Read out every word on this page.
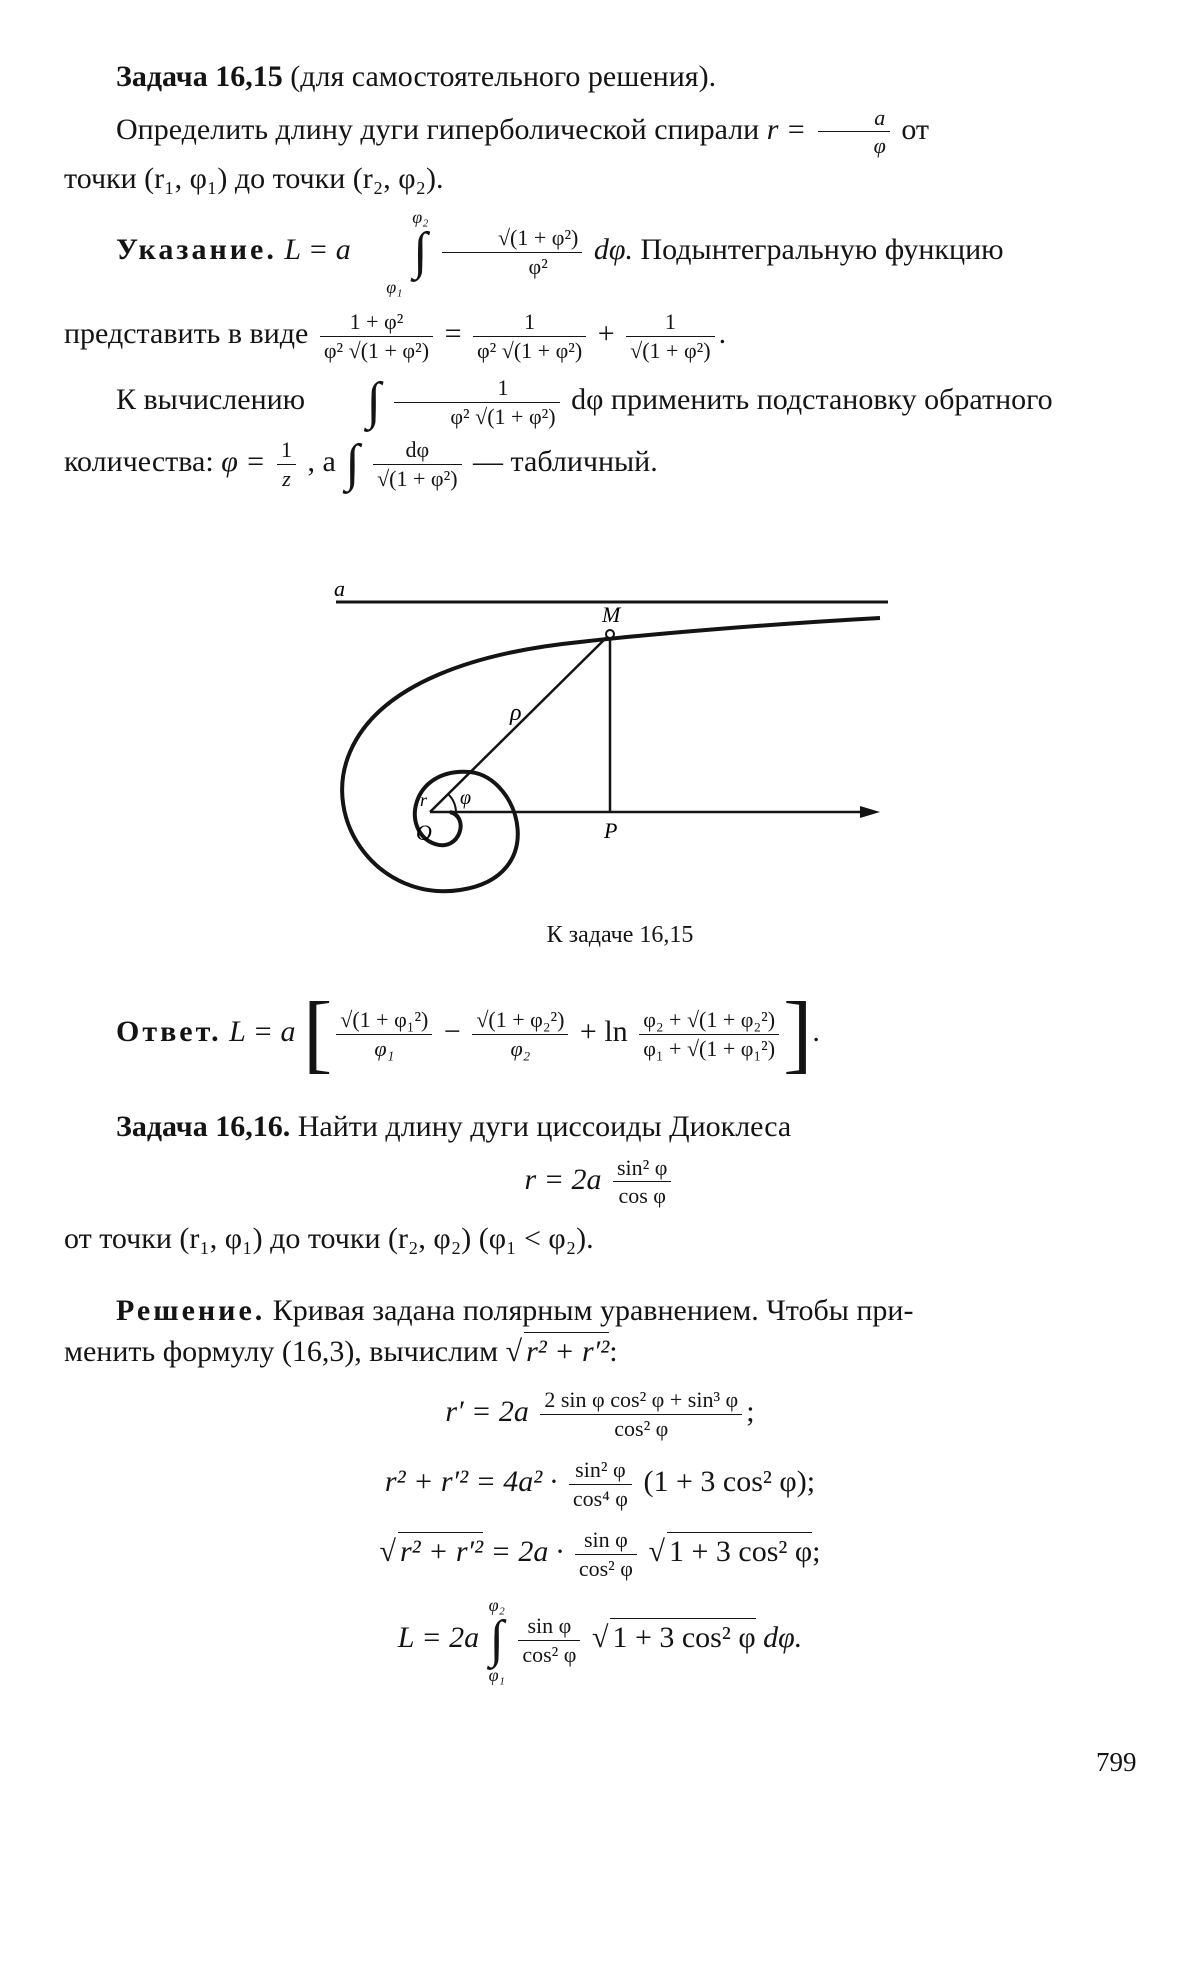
Задача 16,15 (для самостоятельного решения).

Определить длину дуги гиперболической спирали $r = \frac{a}{\varphi}$ от

точки (r₁, φ₁) до точки (r₂, φ₂).

Указание. L = a φ₂
∫
φ₁
$\frac{\text{√(1 + φ²)}}{\text{φ²}} d\varphi$. Подынтегральную функцию

представить в виде $\frac{\text{1 + φ²}}{\text{φ² √(1 + φ²)}} = \frac{1}{\text{φ² √(1 + φ²)}} + \frac{1}{\text{√(1 + φ²)}}$ .

К вычислению	∫
$\frac{1}{\text{φ² √(1 + φ²)}}$ dφ применить подстановку обратного

количества: $\varphi = \frac{1}{z}$ , а ∫
$\frac{d\varphi}{\text{√(1 + φ²)}}$ — табличный.

a
M
ρ
φ
r
O	P
К задаче 16,15

Ответ. L = a [ $\frac{\text{√(1 + φ₁²)}}{\text{φ₁}} - \frac{\text{√(1 + φ₂²)}}{\text{φ₂}} + \ln \frac{\text{φ₂ + √(1 + φ₂²)}}{\text{φ₁ + √(1 + φ₁²)}}$ ].

Задача 16,16. Найти длину дуги циссоиды Диоклеса

$r = 2a \frac{\text{sin² φ}}{\text{cos φ}}$

от точки (r₁, φ₁) до точки (r₂, φ₂) (φ₁ < φ₂).

Решение. Кривая задана полярным уравнением. Чтобы при-

менить формулу (16,3), вычислим √ r² + r′²:

$r' = 2a \frac{\text{2 sin φ cos² φ + sin³ φ}}{\text{cos² φ}}$ ;

$r^2 + r'^2 = 4a^2 \cdot \frac{\text{sin² φ}}{\text{cos⁴ φ}} (1 + 3$ cos² φ);

√ $r^2 + r'^2 = 2a \cdot \frac{\text{sin φ}}{\text{cos² φ}}$ √ 1 + 3 cos² φ;

L = 2a φ₂
∫
φ₁
$\frac{\text{sin φ}}{\text{cos² φ}}$ √ 1 + 3 cos² φ dφ.

799
